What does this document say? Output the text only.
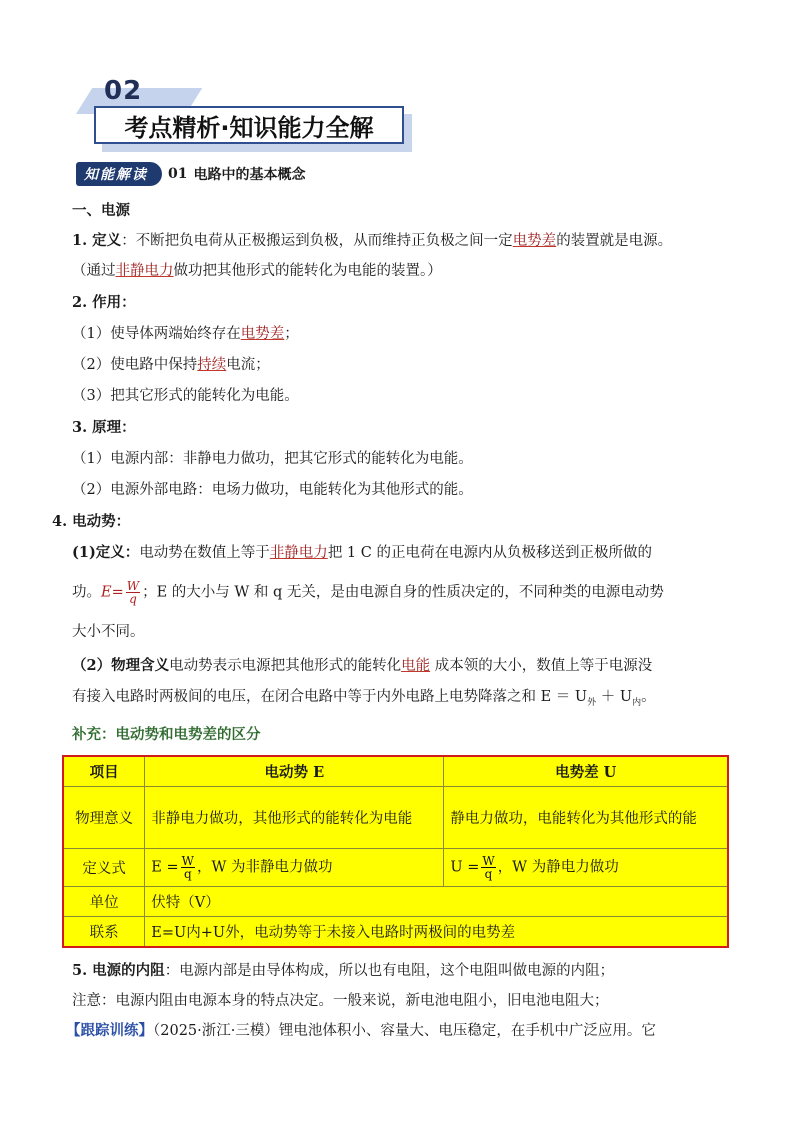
02
考点精析·知识能力全解
知能解读	01 电路中的基本概念
一、电源
1. 定义：不断把负电荷从正极搬运到负极，从而维持正负极之间一定电势差的装置就是电源。
（通过非静电力做功把其他形式的能转化为电能的装置。）
2. 作用：
（1）使导体两端始终存在电势差；
（2）使电路中保持持续电流；
（3）把其它形式的能转化为电能。
3. 原理：
（1）电源内部：非静电力做功，把其它形式的能转化为电能。
（2）电源外部电路：电场力做功，电能转化为其他形式的能。
4. 电动势：
(1)定义：电动势在数值上等于非静电力把 1 C 的正电荷在电源内从负极移送到正极所做的
功。$E= \frac{W}{q}$ ；E 的大小与 W 和 q 无关，是由电源自身的性质决定的，不同种类的电源电动势
大小不同。
（2）物理含义电动势表示电源把其他形式的能转化电能 成本领的大小，数值上等于电源没
有接入电路时两极间的电压，在闭合电路中等于内外电路上电势降落之和 $E = U_外 + U_内$。
补充：电动势和电势差的区分
项目	电动势 E	电势差 U
物理意义	非静电力做功，其他形式的能转化为电能	静电力做功，电能转化为其他形式的能
定义式	$E = \frac{W}{q}$ ，W 为非静电力做功	$U = \frac{W}{q}$ ，W 为静电力做功
单位	伏特（V）	
联系	E=U内+U外，电动势等于未接入电路时两极间的电势差	
5. 电源的内阻：电源内部是由导体构成，所以也有电阻，这个电阻叫做电源的内阻；
注意：电源内阻由电源本身的特点决定。一般来说，新电池电阻小，旧电池电阻大；
【跟踪训练】（2025·浙江·三模）锂电池体积小、容量大、电压稳定，在手机中广泛应用。它
